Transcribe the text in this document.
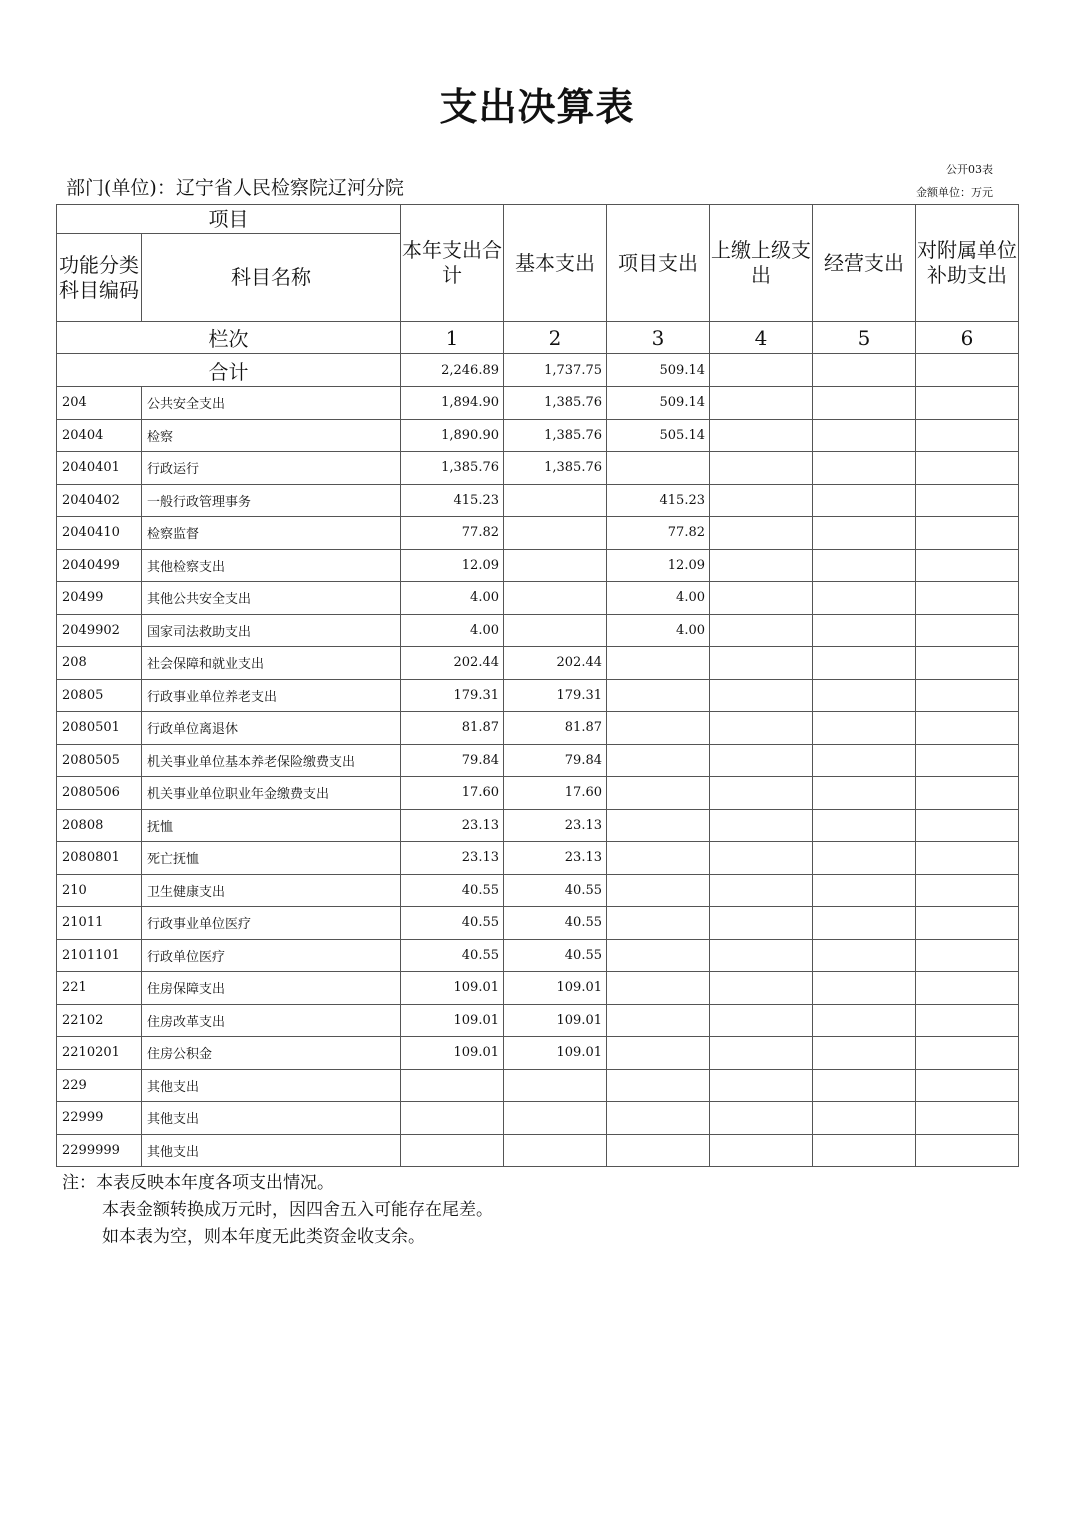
支出决算表
公开03表
金额单位：万元
部门(单位)：辽宁省人民检察院辽河分院
项目		本年支出合计	基本支出	项目支出	上缴上级支出	经营支出	对附属单位补助支出
功能分类科目编码	科目名称						
栏次		1	2	3	4	5	6
合计		2,246.89	1,737.75	509.14			
204	公共安全支出	1,894.90	1,385.76	509.14			
20404	检察	1,890.90	1,385.76	505.14			
2040401	行政运行	1,385.76	1,385.76				
2040402	一般行政管理事务	415.23		415.23			
2040410	检察监督	77.82		77.82			
2040499	其他检察支出	12.09		12.09			
20499	其他公共安全支出	4.00		4.00			
2049902	国家司法救助支出	4.00		4.00			
208	社会保障和就业支出	202.44	202.44				
20805	行政事业单位养老支出	179.31	179.31				
2080501	行政单位离退休	81.87	81.87				
2080505	机关事业单位基本养老保险缴费支出	79.84	79.84				
2080506	机关事业单位职业年金缴费支出	17.60	17.60				
20808	抚恤	23.13	23.13				
2080801	死亡抚恤	23.13	23.13				
210	卫生健康支出	40.55	40.55				
21011	行政事业单位医疗	40.55	40.55				
2101101	行政单位医疗	40.55	40.55				
221	住房保障支出	109.01	109.01				
22102	住房改革支出	109.01	109.01				
2210201	住房公积金	109.01	109.01				
229	其他支出						
22999	其他支出						
2299999	其他支出						
注：本表反映本年度各项支出情况。
本表金额转换成万元时，因四舍五入可能存在尾差。
如本表为空，则本年度无此类资金收支余。
